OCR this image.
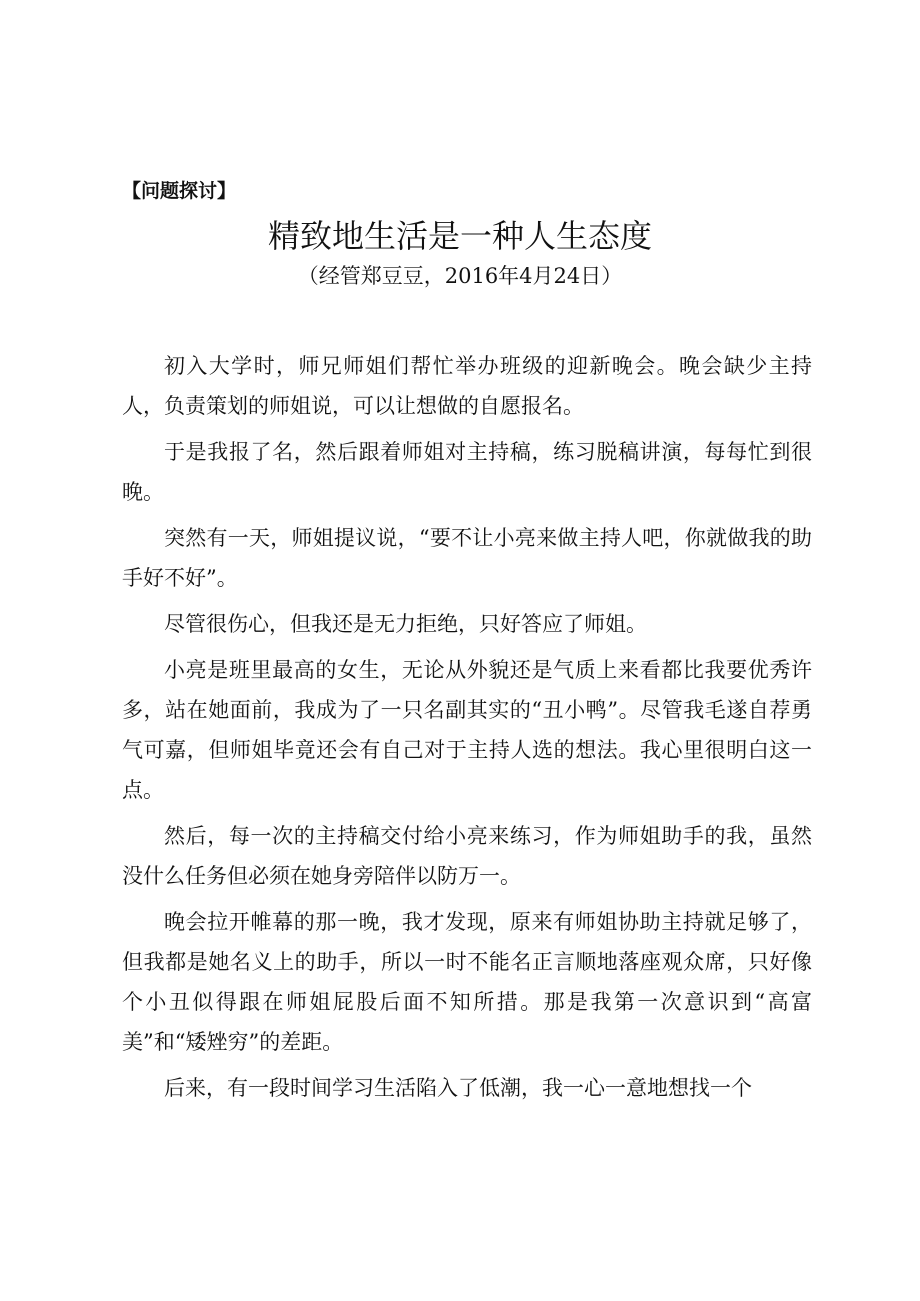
【问题探讨】
精致地生活是一种人生态度
（经管郑豆豆，2016年4月24日）

初入大学时，师兄师姐们帮忙举办班级的迎新晚会。晚会缺少主持人，负责策划的师姐说，可以让想做的自愿报名。

于是我报了名，然后跟着师姐对主持稿，练习脱稿讲演，每每忙到很晚。

突然有一天，师姐提议说，“要不让小亮来做主持人吧，你就做我的助手好不好”。

尽管很伤心，但我还是无力拒绝，只好答应了师姐。

小亮是班里最高的女生，无论从外貌还是气质上来看都比我要优秀许多，站在她面前，我成为了一只名副其实的“丑小鸭”。尽管我毛遂自荐勇气可嘉，但师姐毕竟还会有自己对于主持人选的想法。我心里很明白这一点。

然后，每一次的主持稿交付给小亮来练习，作为师姐助手的我，虽然没什么任务但必须在她身旁陪伴以防万一。

晚会拉开帷幕的那一晚，我才发现，原来有师姐协助主持就足够了，但我都是她名义上的助手，所以一时不能名正言顺地落座观众席，只好像个小丑似得跟在师姐屁股后面不知所措。那是我第一次意识到“高富美”和“矮矬穷”的差距。

后来，有一段时间学习生活陷入了低潮，我一心一意地想找一个
